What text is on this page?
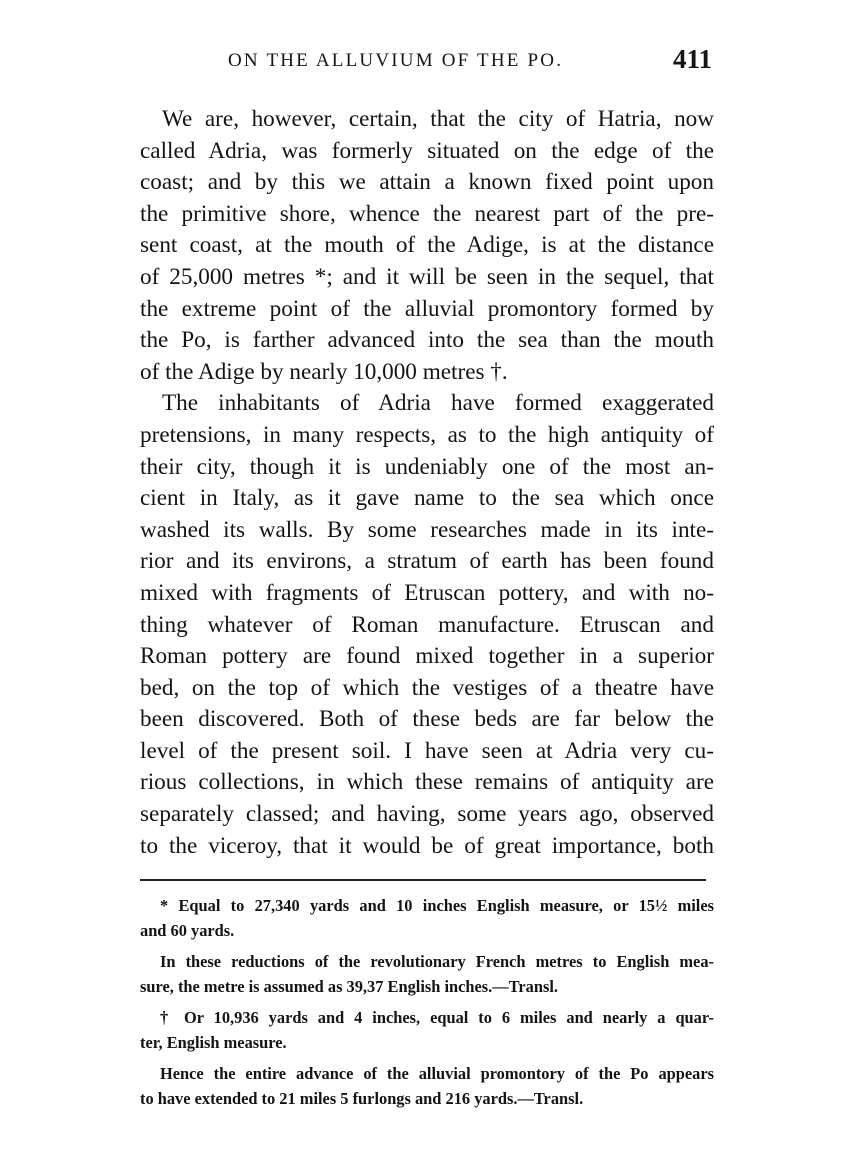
ON THE ALLUVIUM OF THE PO.	411
We are, however, certain, that the city of Hatria, now
called Adria, was formerly situated on the edge of the
coast; and by this we attain a known fixed point upon
the primitive shore, whence the nearest part of the pre-
sent coast, at the mouth of the Adige, is at the distance
of 25,000 metres *; and it will be seen in the sequel, that
the extreme point of the alluvial promontory formed by
the Po, is farther advanced into the sea than the mouth
of the Adige by nearly 10,000 metres †.
The inhabitants of Adria have formed exaggerated
pretensions, in many respects, as to the high antiquity of
their city, though it is undeniably one of the most an-
cient in Italy, as it gave name to the sea which once
washed its walls. By some researches made in its inte-
rior and its environs, a stratum of earth has been found
mixed with fragments of Etruscan pottery, and with no-
thing whatever of Roman manufacture. Etruscan and
Roman pottery are found mixed together in a superior
bed, on the top of which the vestiges of a theatre have
been discovered. Both of these beds are far below the
level of the present soil. I have seen at Adria very cu-
rious collections, in which these remains of antiquity are
separately classed; and having, some years ago, observed
to the viceroy, that it would be of great importance, both
* Equal to 27,340 yards and 10 inches English measure, or 15½ miles
and 60 yards.
In these reductions of the revolutionary French metres to English mea-
sure, the metre is assumed as 39,37 English inches.—Transl.
† Or 10,936 yards and 4 inches, equal to 6 miles and nearly a quar-
ter, English measure.
Hence the entire advance of the alluvial promontory of the Po appears
to have extended to 21 miles 5 furlongs and 216 yards.—Transl.
